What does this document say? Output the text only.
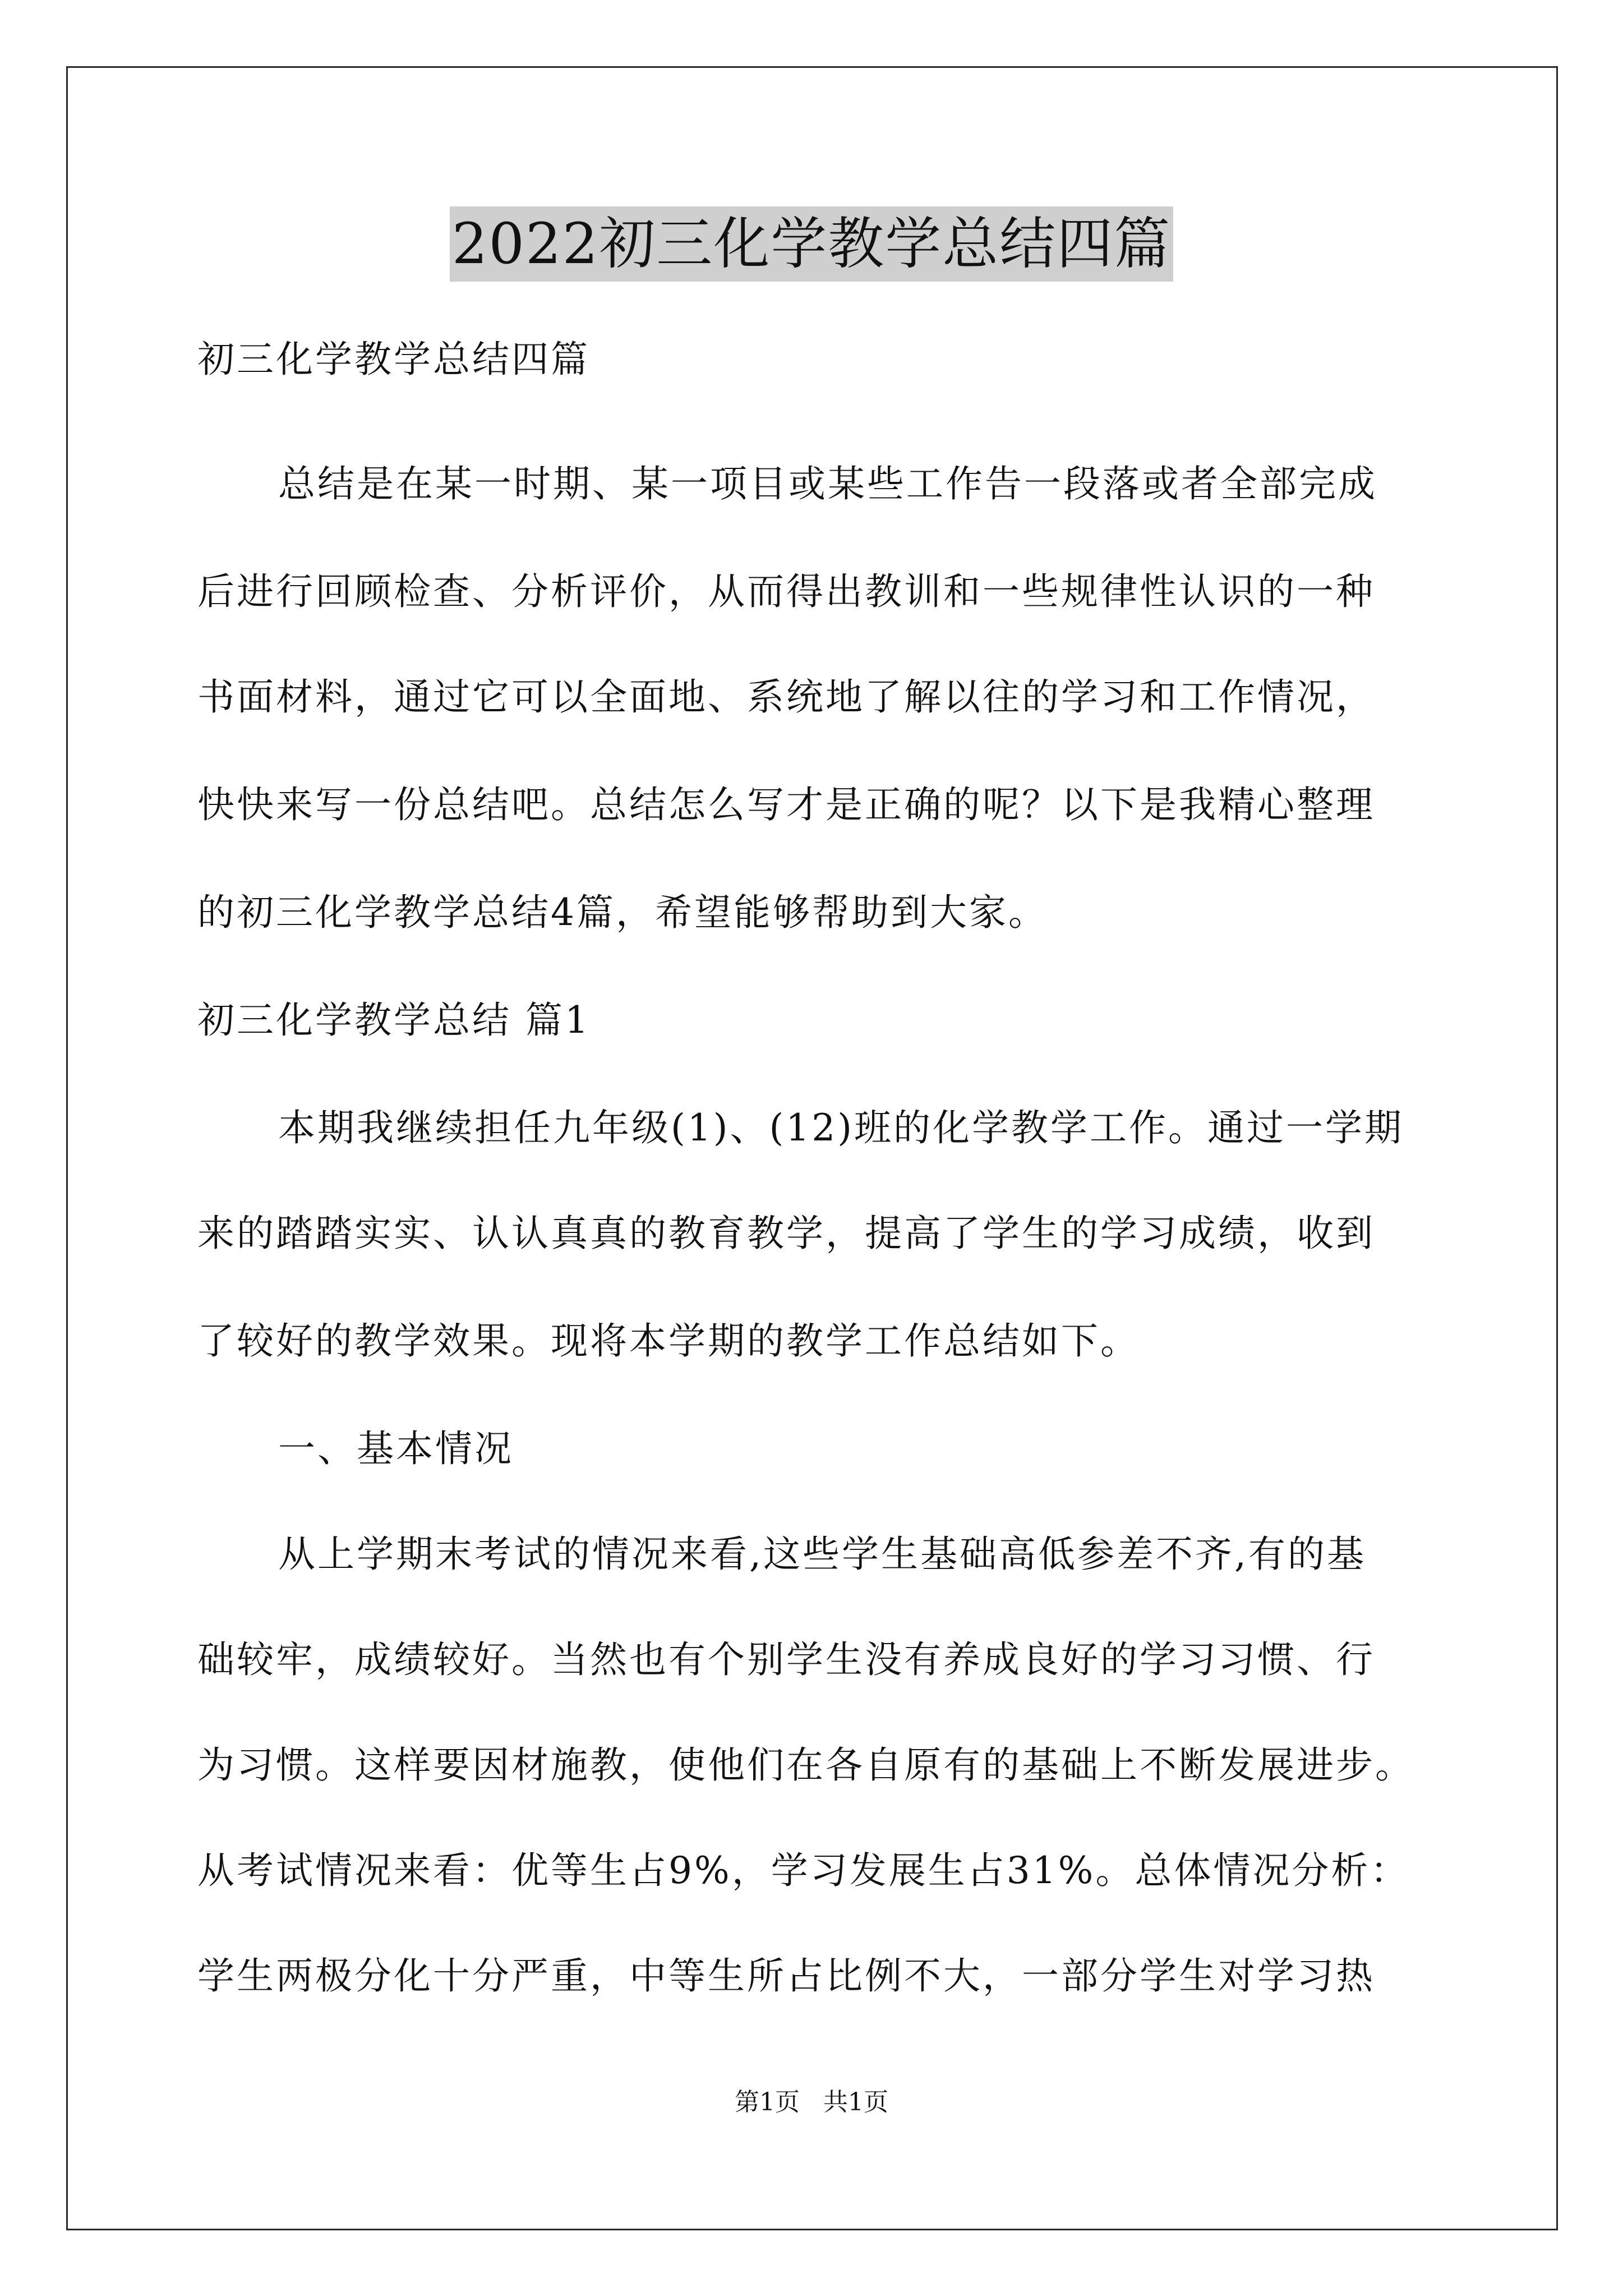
2022初三化学教学总结四篇
初三化学教学总结四篇
总结是在某一时期、某一项目或某些工作告一段落或者全部完成
后进行回顾检查、分析评价，从而得出教训和一些规律性认识的一种
书面材料，通过它可以全面地、系统地了解以往的学习和工作情况，
快快来写一份总结吧。总结怎么写才是正确的呢？以下是我精心整理
的初三化学教学总结4篇，希望能够帮助到大家。
初三化学教学总结 篇1
本期我继续担任九年级(1)、(12)班的化学教学工作。通过一学期
来的踏踏实实、认认真真的教育教学，提高了学生的学习成绩，收到
了较好的教学效果。现将本学期的教学工作总结如下。
一、基本情况
从上学期末考试的情况来看,这些学生基础高低参差不齐,有的基
础较牢，成绩较好。当然也有个别学生没有养成良好的学习习惯、行
为习惯。这样要因材施教，使他们在各自原有的基础上不断发展进步。
从考试情况来看：优等生占9%，学习发展生占31%。总体情况分析：
学生两极分化十分严重，中等生所占比例不大，一部分学生对学习热
第1页 共1页
